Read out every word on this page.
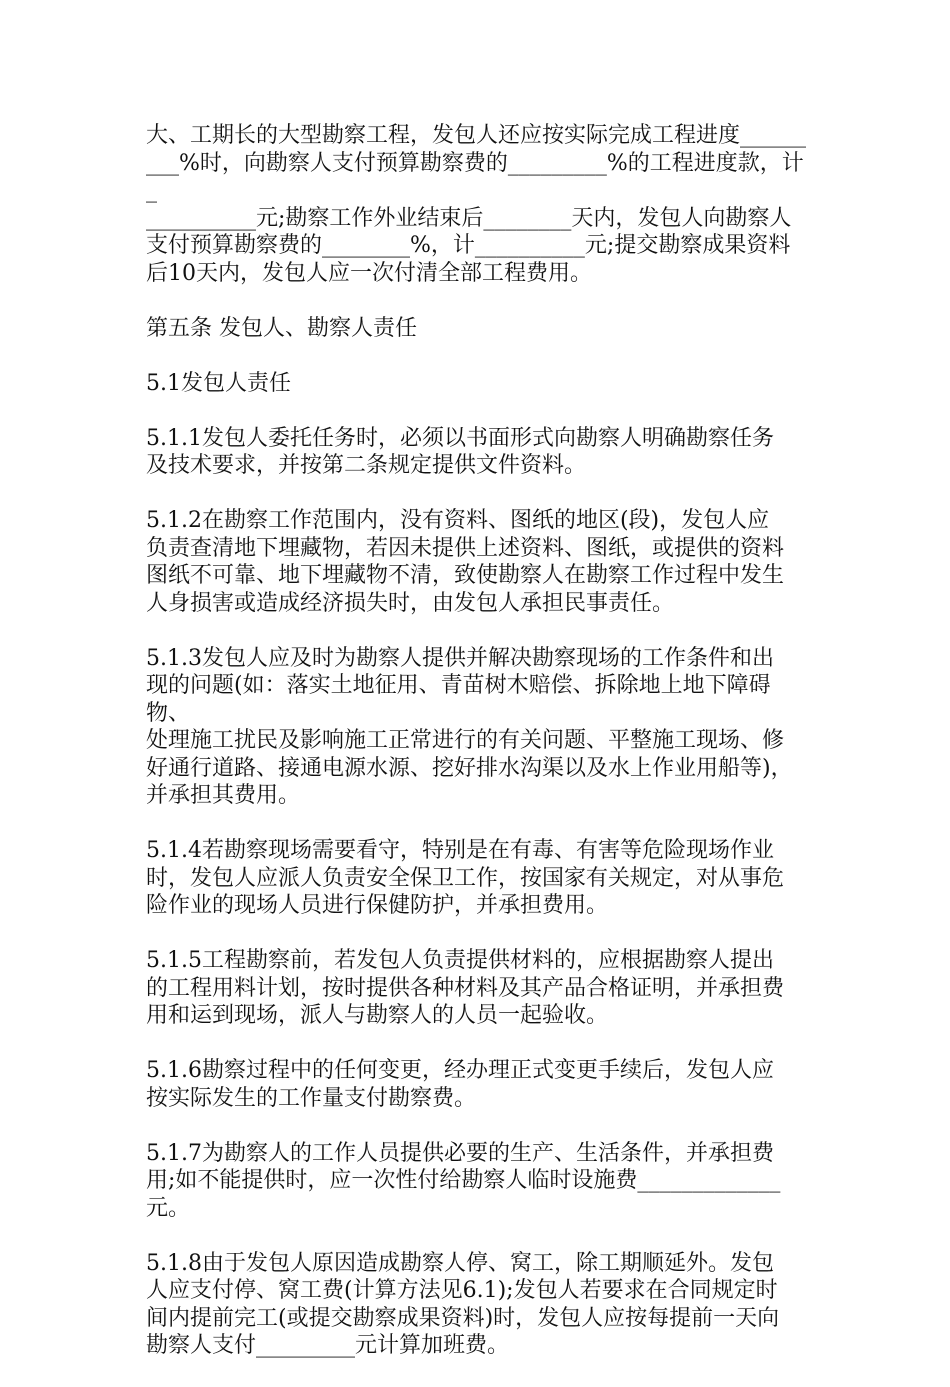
大、工期长的大型勘察工程，发包人还应按实际完成工程进度______
___%时，向勘察人支付预算勘察费的_________%的工程进度款，计_
__________元;勘察工作外业结束后________天内，发包人向勘察人
支付预算勘察费的________%，计__________元;提交勘察成果资料
后10天内，发包人应一次付清全部工程费用。

第五条 发包人、勘察人责任

5.1发包人责任

5.1.1发包人委托任务时，必须以书面形式向勘察人明确勘察任务
及技术要求，并按第二条规定提供文件资料。

5.1.2在勘察工作范围内，没有资料、图纸的地区(段)，发包人应
负责查清地下埋藏物，若因未提供上述资料、图纸，或提供的资料
图纸不可靠、地下埋藏物不清，致使勘察人在勘察工作过程中发生
人身损害或造成经济损失时，由发包人承担民事责任。

5.1.3发包人应及时为勘察人提供并解决勘察现场的工作条件和出
现的问题(如：落实土地征用、青苗树木赔偿、拆除地上地下障碍物、
处理施工扰民及影响施工正常进行的有关问题、平整施工现场、修
好通行道路、接通电源水源、挖好排水沟渠以及水上作业用船等)，
并承担其费用。

5.1.4若勘察现场需要看守，特别是在有毒、有害等危险现场作业
时，发包人应派人负责安全保卫工作，按国家有关规定，对从事危
险作业的现场人员进行保健防护，并承担费用。

5.1.5工程勘察前，若发包人负责提供材料的，应根据勘察人提出
的工程用料计划，按时提供各种材料及其产品合格证明，并承担费
用和运到现场，派人与勘察人的人员一起验收。

5.1.6勘察过程中的任何变更，经办理正式变更手续后，发包人应
按实际发生的工作量支付勘察费。

5.1.7为勘察人的工作人员提供必要的生产、生活条件，并承担费
用;如不能提供时，应一次性付给勘察人临时设施费_____________
元。

5.1.8由于发包人原因造成勘察人停、窝工，除工期顺延外。发包
人应支付停、窝工费(计算方法见6.1);发包人若要求在合同规定时
间内提前完工(或提交勘察成果资料)时，发包人应按每提前一天向
勘察人支付_________元计算加班费。
